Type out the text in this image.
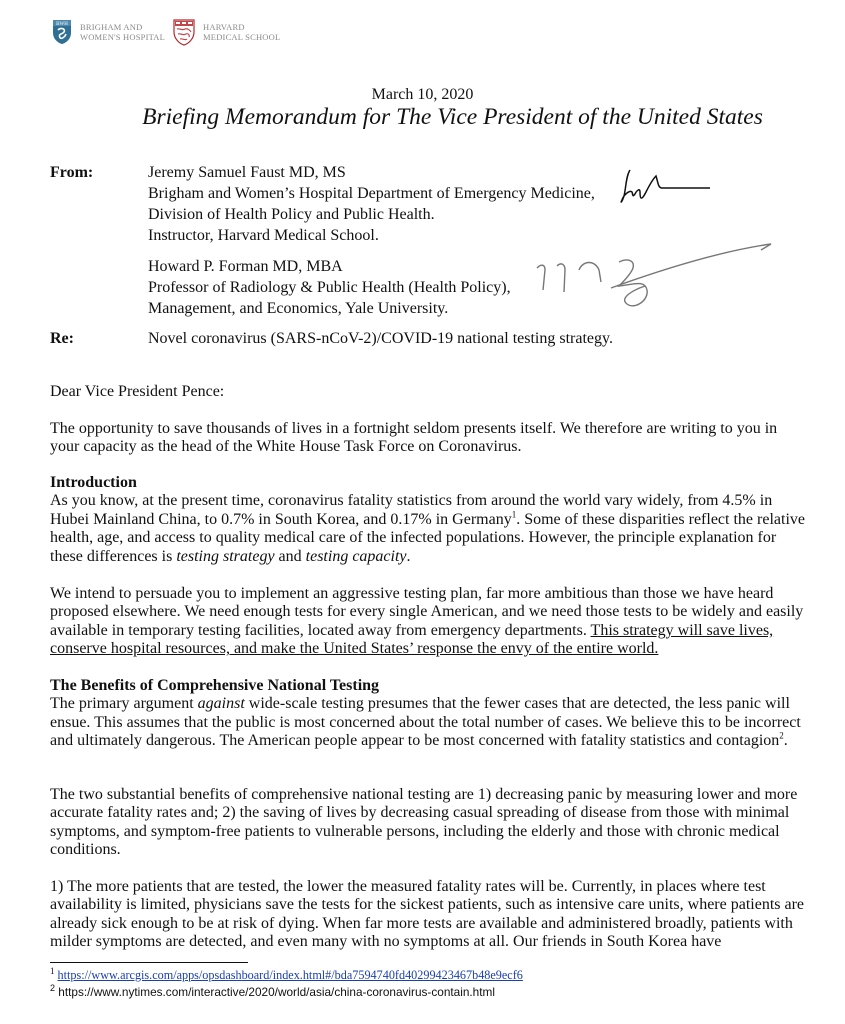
BWH BRIGHAM AND
WOMEN'S HOSPITAL
HARVARD
MEDICAL SCHOOL
March 10, 2020
Briefing Memorandum for The Vice President of the United States
From:	Jeremy Samuel Faust MD, MS
Brigham and Women’s Hospital Department of Emergency Medicine,
Division of Health Policy and Public Health.
Instructor, Harvard Medical School.
Howard P. Forman MD, MBA
Professor of Radiology & Public Health (Health Policy),
Management, and Economics, Yale University.
Re:	Novel coronavirus (SARS-nCoV-2)/COVID-19 national testing strategy.
Dear Vice President Pence:
The opportunity to save thousands of lives in a fortnight seldom presents itself. We therefore are writing to you in your capacity as the head of the White House Task Force on Coronavirus.

Introduction

As you know, at the present time, coronavirus fatality statistics from around the world vary widely, from 4.5% in Hubei Mainland China, to 0.7% in South Korea, and 0.17% in Germany$^1$. Some of these disparities reflect the relative health, age, and access to quality medical care of the infected populations. However, the principle explanation for these differences is testing strategy and testing capacity.

We intend to persuade you to implement an aggressive testing plan, far more ambitious than those we have heard proposed elsewhere. We need enough tests for every single American, and we need those tests to be widely and easily available in temporary testing facilities, located away from emergency departments. This strategy will save lives, conserve hospital resources, and make the United States’ response the envy of the entire world.

The Benefits of Comprehensive National Testing

The primary argument against wide-scale testing presumes that the fewer cases that are detected, the less panic will ensue. This assumes that the public is most concerned about the total number of cases. We believe this to be incorrect and ultimately dangerous. The American people appear to be most concerned with fatality statistics and contagion$^2$.

The two substantial benefits of comprehensive national testing are 1) decreasing panic by measuring lower and more accurate fatality rates and; 2) the saving of lives by decreasing casual spreading of disease from those with minimal symptoms, and symptom-free patients to vulnerable persons, including the elderly and those with chronic medical conditions.
1) The more patients that are tested, the lower the measured fatality rates will be. Currently, in places where test availability is limited, physicians save the tests for the sickest patients, such as intensive care units, where patients are already sick enough to be at risk of dying. When far more tests are available and administered broadly, patients with milder symptoms are detected, and even many with no symptoms at all. Our friends in South Korea have
$^1$ https://www.arcgis.com/apps/opsdashboard/index.html#/bda7594740fd40299423467b48e9ecf6
$^2$ https://www.nytimes.com/interactive/2020/world/asia/china-coronavirus-contain.html
